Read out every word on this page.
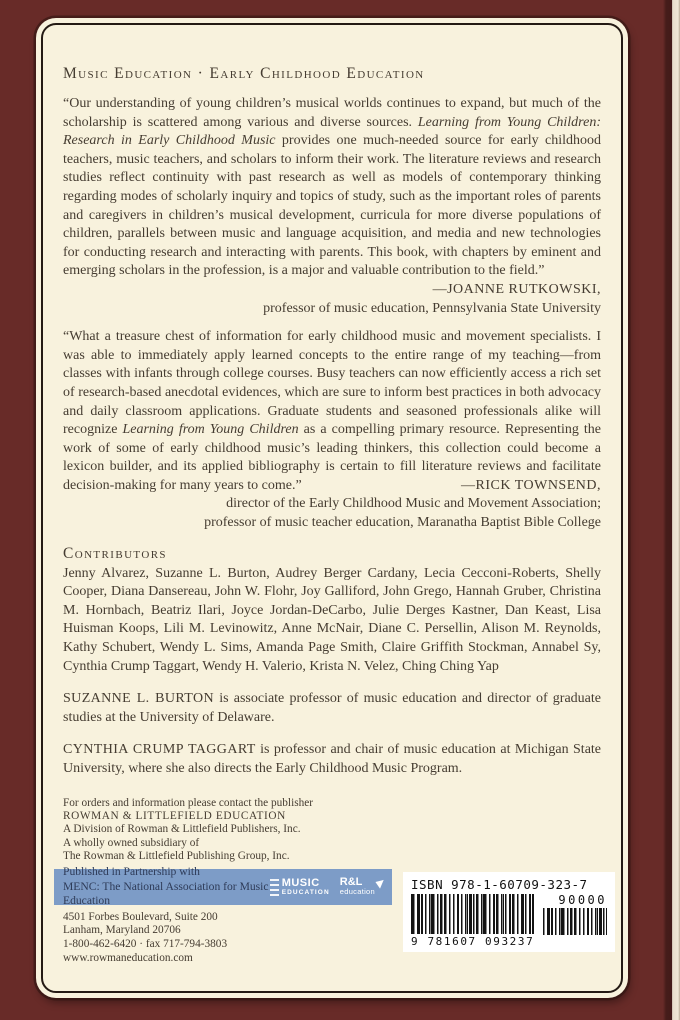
Music Education · Early Childhood Education

“Our understanding of young children’s musical worlds continues to expand, but much of the scholarship is scattered among various and diverse sources. Learning from Young Children: Research in Early Childhood Music provides one much-needed source for early childhood teachers, music teachers, and scholars to inform their work. The literature reviews and research studies reflect continuity with past research as well as models of contemporary thinking regarding modes of scholarly inquiry and topics of study, such as the important roles of parents and caregivers in children’s musical development, curricula for more diverse populations of children, parallels between music and language acquisition, and media and new technologies for conducting research and interacting with parents. This book, with chapters by eminent and emerging scholars in the profession, is a major and valuable contribution to the field.”

—JOANNE RUTKOWSKI,
professor of music education, Pennsylvania State University

“What a treasure chest of information for early childhood music and movement specialists. I was able to immediately apply learned concepts to the entire range of my teaching—from classes with infants through college courses. Busy teachers can now efficiently access a rich set of research-based anecdotal evidences, which are sure to inform best practices in both advocacy and daily classroom applications. Graduate students and seasoned professionals alike will recognize Learning from Young Children as a compelling primary resource. Representing the work of some of early childhood music’s leading thinkers, this collection could become a lexicon builder, and its applied bibliography is certain to fill literature reviews and facilitate decision-making for many years to come.”	—RICK TOWNSEND,

director of the Early Childhood Music and Movement Association;
professor of music teacher education, Maranatha Baptist Bible College
Contributors

Jenny Alvarez, Suzanne L. Burton, Audrey Berger Cardany, Lecia Cecconi-Roberts, Shelly Cooper, Diana Dansereau, John W. Flohr, Joy Galliford, John Grego, Hannah Gruber, Christina M. Hornbach, Beatriz Ilari, Joyce Jordan-DeCarbo, Julie Derges Kastner, Dan Keast, Lisa Huisman Koops, Lili M. Levinowitz, Anne McNair, Diane C. Persellin, Alison M. Reynolds, Kathy Schubert, Wendy L. Sims, Amanda Page Smith, Claire Griffith Stockman, Annabel Sy, Cynthia Crump Taggart, Wendy H. Valerio, Krista N. Velez, Ching Ching Yap

SUZANNE L. BURTON is associate professor of music education and director of graduate studies at the University of Delaware.

CYNTHIA CRUMP TAGGART is professor and chair of music education at Michigan State University, where she also directs the Early Childhood Music Program.

For orders and information please contact the publisher
ROWMAN & LITTLEFIELD EDUCATION
A Division of Rowman & Littlefield Publishers, Inc.
A wholly owned subsidiary of
The Rowman & Littlefield Publishing Group, Inc.
Published in Partnership with
MENC: The National Association for Music Education
MUSIC
EDUCATION
R&L
education
4501 Forbes Boulevard, Suite 200
Lanham, Maryland 20706
1-800-462-6420 · fax 717-794-3803
www.rowmaneducation.com
ISBN 978-1-60709-323-7
9 781607 093237
90000
